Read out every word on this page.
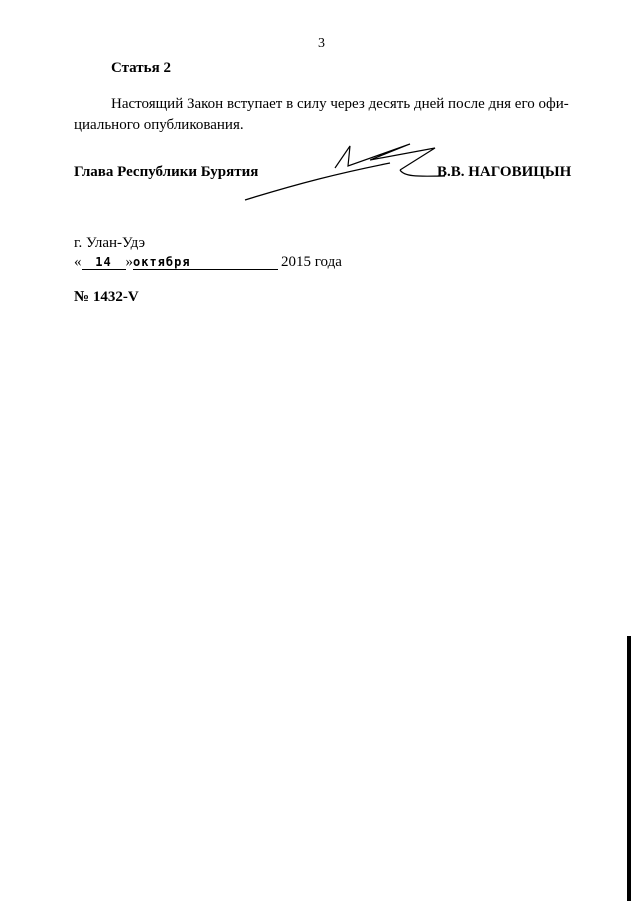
3
Статья 2
Настоящий Закон вступает в силу через десять дней после дня его офи-
циального опубликования.
Глава Республики Бурятия	В.В. НАГОВИЦЫН
г. Улан-Удэ
« 14 »октября	2015 года
№ 1432-V
